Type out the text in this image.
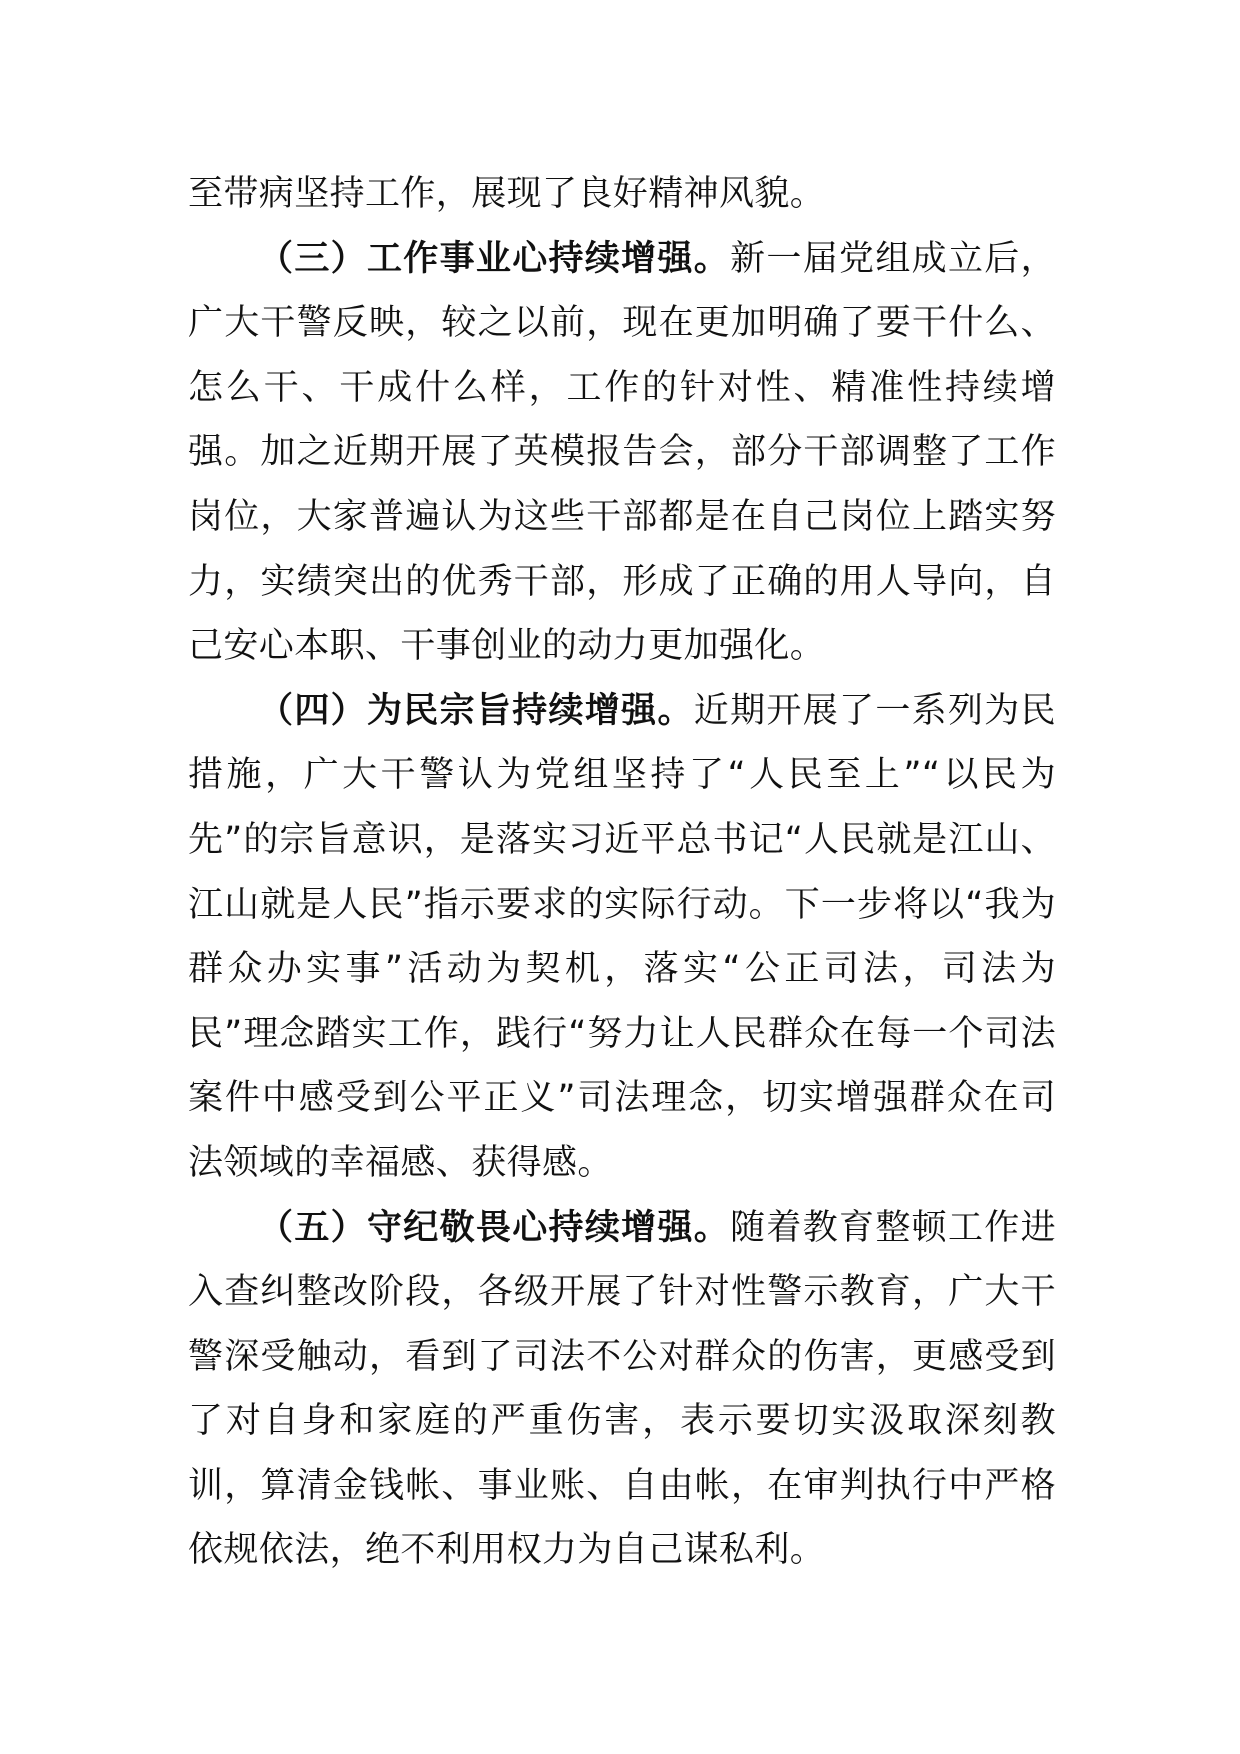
至带病坚持工作，展现了良好精神风貌。

（三）工作事业心持续增强。新一届党组成立后，广大干警反映，较之以前，现在更加明确了要干什么、怎么干、干成什么样，工作的针对性、精准性持续增强。加之近期开展了英模报告会，部分干部调整了工作岗位，大家普遍认为这些干部都是在自己岗位上踏实努力，实绩突出的优秀干部，形成了正确的用人导向，自己安心本职、干事创业的动力更加强化。

（四）为民宗旨持续增强。近期开展了一系列为民措施，广大干警认为党组坚持了“人民至上”“以民为先”的宗旨意识，是落实习近平总书记“人民就是江山、江山就是人民”指示要求的实际行动。下一步将以“我为群众办实事”活动为契机，落实“公正司法，司法为民”理念踏实工作，践行“努力让人民群众在每一个司法案件中感受到公平正义”司法理念，切实增强群众在司法领域的幸福感、获得感。

（五）守纪敬畏心持续增强。随着教育整顿工作进入查纠整改阶段，各级开展了针对性警示教育，广大干警深受触动，看到了司法不公对群众的伤害，更感受到了对自身和家庭的严重伤害，表示要切实汲取深刻教训，算清金钱帐、事业账、自由帐，在审判执行中严格依规依法，绝不利用权力为自己谋私利。
